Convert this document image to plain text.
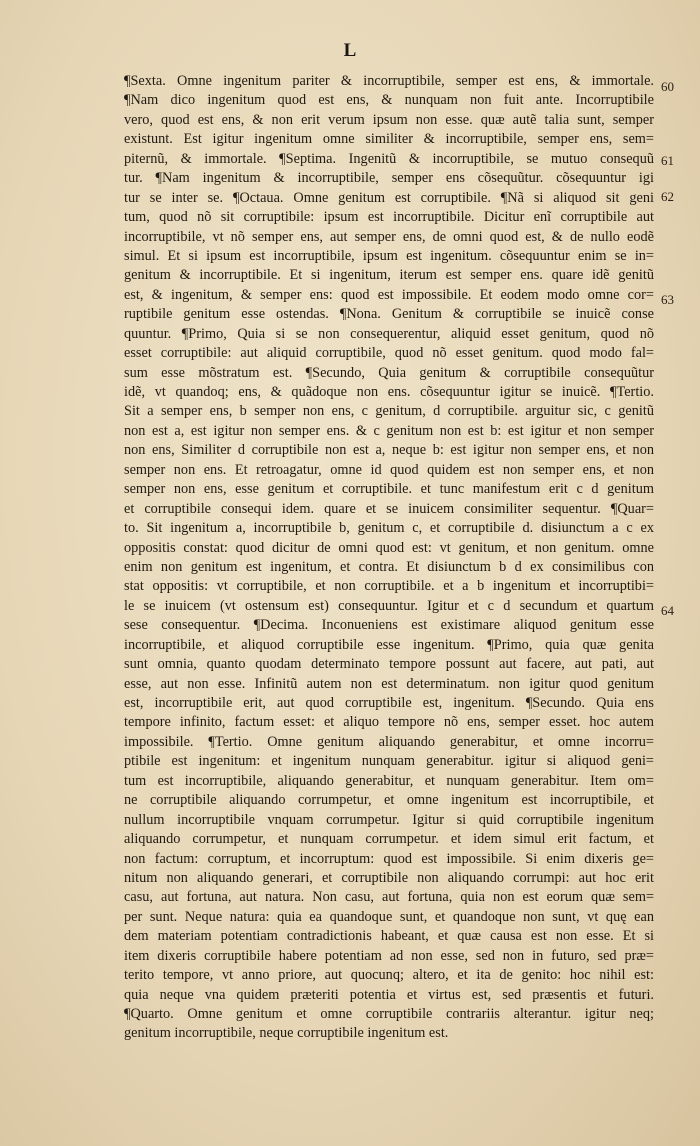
L
¶Sexta. Omne ingenitum pariter & incorruptibile, semper est ens, & immortale.
¶Nam dico ingenitum quod est ens, & nunquam non fuit ante. Incorruptibile
vero, quod est ens, & non erit verum ipsum non esse. quæ autẽ talia sunt, semper
existunt. Est igitur ingenitum omne similiter & incorruptibile, semper ens, sem=
piternũ, & immortale. ¶Septima. Ingenitũ & incorruptibile, se mutuo consequũ
tur. ¶Nam ingenitum & incorruptibile, semper ens cõsequũtur. cõsequuntur igi
tur se inter se. ¶Octaua. Omne genitum est corruptibile. ¶Nã si aliquod sit geni
tum, quod nõ sit corruptibile: ipsum est incorruptibile. Dicitur enĩ corruptibile aut
incorruptibile, vt nõ semper ens, aut semper ens, de omni quod est, & de nullo eodẽ
simul. Et si ipsum est incorruptibile, ipsum est ingenitum. cõsequuntur enim se in=
genitum & incorruptibile. Et si ingenitum, iterum est semper ens. quare idẽ genitũ
est, & ingenitum, & semper ens: quod est impossibile. Et eodem modo omne cor=
ruptibile genitum esse ostendas. ¶Nona. Genitum & corruptibile se inuicẽ conse
quuntur. ¶Primo, Quia si se non consequerentur, aliquid esset genitum, quod nõ
esset corruptibile: aut aliquid corruptibile, quod nõ esset genitum. quod modo fal=
sum esse mõstratum est. ¶Secundo, Quia genitum & corruptibile consequũtur
idẽ, vt quandoq; ens, & quãdoque non ens. cõsequuntur igitur se inuicẽ. ¶Tertio.
Sit a semper ens, b semper non ens, c genitum, d corruptibile. arguitur sic, c genitũ
non est a, est igitur non semper ens. & c genitum non est b: est igitur et non semper
non ens, Similiter d corruptibile non est a, neque b: est igitur non semper ens, et non
semper non ens. Et retroagatur, omne id quod quidem est non semper ens, et non
semper non ens, esse genitum et corruptibile. et tunc manifestum erit c d genitum
et corruptibile consequi idem. quare et se inuicem consimiliter sequentur. ¶Quar=
to. Sit ingenitum a, incorruptibile b, genitum c, et corruptibile d. disiunctum a c ex
oppositis constat: quod dicitur de omni quod est: vt genitum, et non genitum. omne
enim non genitum est ingenitum, et contra. Et disiunctum b d ex consimilibus con
stat oppositis: vt corruptibile, et non corruptibile. et a b ingenitum et incorruptibi=
le se inuicem (vt ostensum est) consequuntur. Igitur et c d secundum et quartum
sese consequentur. ¶Decima. Inconueniens est existimare aliquod genitum esse
incorruptibile, et aliquod corruptibile esse ingenitum. ¶Primo, quia quæ genita
sunt omnia, quanto quodam determinato tempore possunt aut facere, aut pati, aut
esse, aut non esse. Infinitũ autem non est determinatum. non igitur quod genitum
est, incorruptibile erit, aut quod corruptibile est, ingenitum. ¶Secundo. Quia ens
tempore infinito, factum esset: et aliquo tempore nõ ens, semper esset. hoc autem
impossibile. ¶Tertio. Omne genitum aliquando generabitur, et omne incorru=
ptibile est ingenitum: et ingenitum nunquam generabitur. igitur si aliquod geni=
tum est incorruptibile, aliquando generabitur, et nunquam generabitur. Item om=
ne corruptibile aliquando corrumpetur, et omne ingenitum est incorruptibile, et
nullum incorruptibile vnquam corrumpetur. Igitur si quid corruptibile ingenitum
aliquando corrumpetur, et nunquam corrumpetur. et idem simul erit factum, et
non factum: corruptum, et incorruptum: quod est impossibile. Si enim dixeris ge=
nitum non aliquando generari, et corruptibile non aliquando corrumpi: aut hoc erit
casu, aut fortuna, aut natura. Non casu, aut fortuna, quia non est eorum quæ sem=
per sunt. Neque natura: quia ea quandoque sunt, et quandoque non sunt, vt quę ean
dem materiam potentiam contradictionis habeant, et quæ causa est non esse. Et si
item dixeris corruptibile habere potentiam ad non esse, sed non in futuro, sed præ=
terito tempore, vt anno priore, aut quocunq; altero, et ita de genito: hoc nihil est:
quia neque vna quidem præteriti potentia et virtus est, sed præsentis et futuri.
¶Quarto. Omne genitum et omne corruptibile contrariis alterantur. igitur neq;
genitum incorruptibile, neque corruptibile ingenitum est.
60
61
62
63
64
